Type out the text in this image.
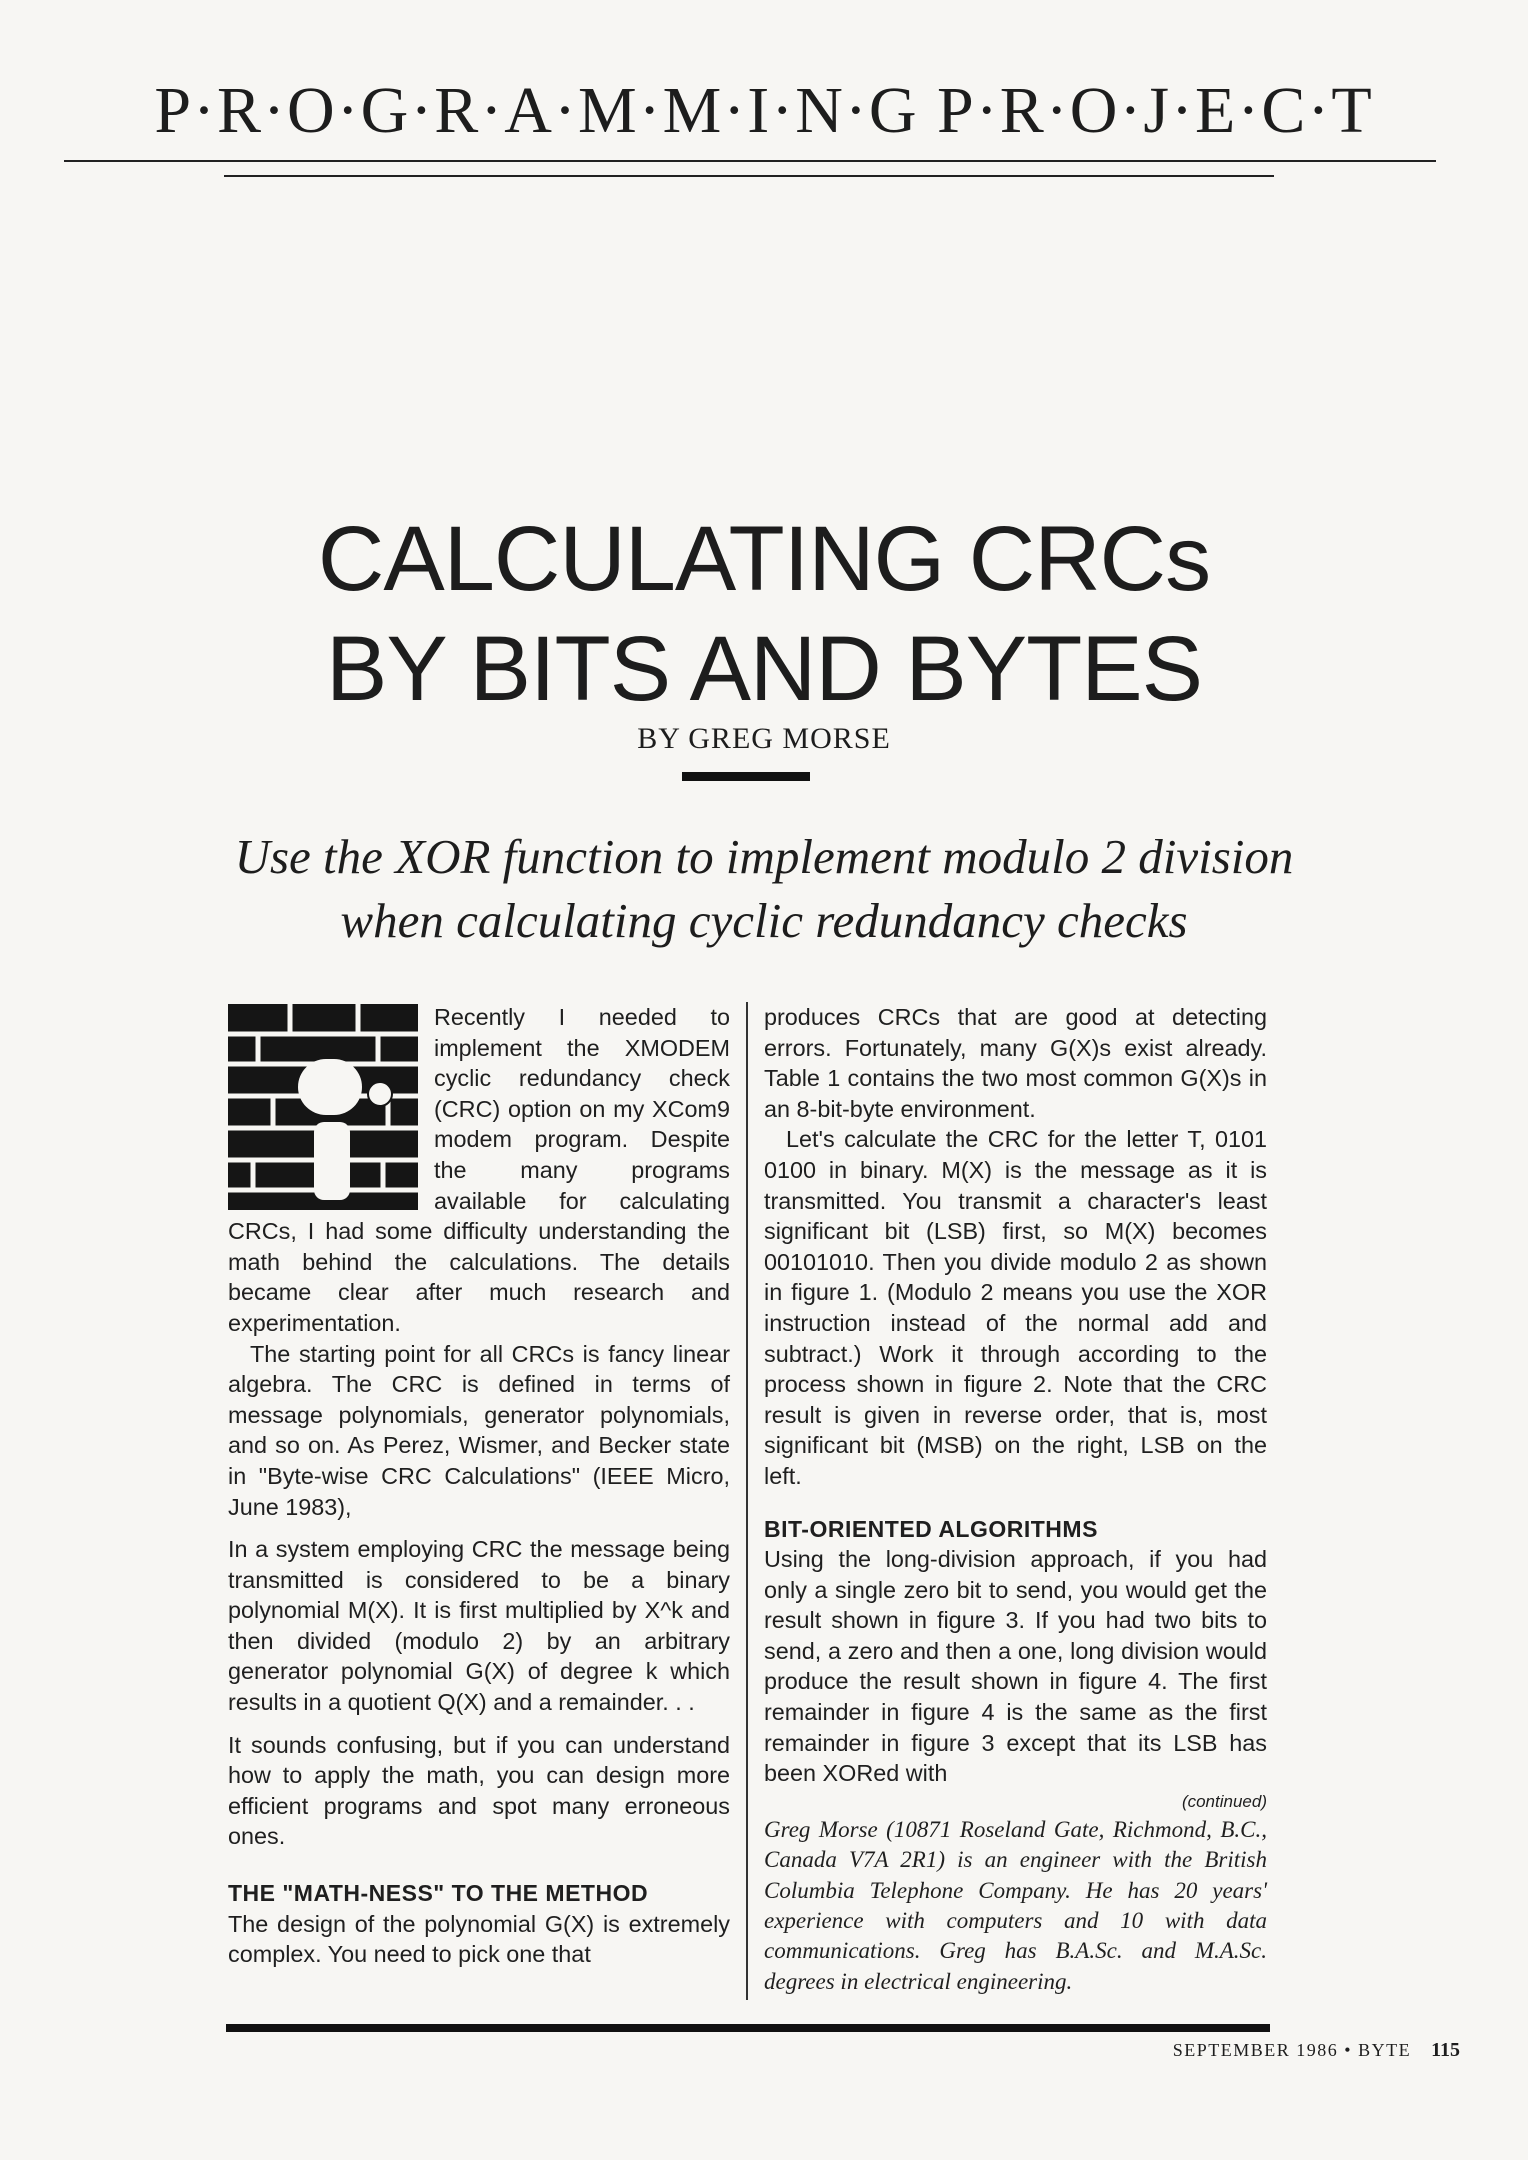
P·R·O·G·R·A·M·M·I·N·G P·R·O·J·E·C·T
CALCULATING CRCs
BY BITS AND BYTES
BY GREG MORSE
Use the XOR function to implement modulo 2 division
when calculating cyclic redundancy checks

Recently I needed to implement the XMODEM cyclic redundancy check (CRC) option on my XCom9 modem program. Despite the many programs available for calculating CRCs, I had some difficulty understanding the math behind the calculations. The details became clear after much research and experimentation.

The starting point for all CRCs is fancy linear algebra. The CRC is defined in terms of message polynomials, generator polynomials, and so on. As Perez, Wismer, and Becker state in "Byte-wise CRC Calculations" (IEEE Micro, June 1983),

In a system employing CRC the message being transmitted is considered to be a binary polynomial M(X). It is first multiplied by X^k and then divided (modulo 2) by an arbitrary generator polynomial G(X) of degree k which results in a quotient Q(X) and a remainder. . .

It sounds confusing, but if you can understand how to apply the math, you can design more efficient programs and spot many erroneous ones.

THE "MATH-NESS" TO THE METHOD

The design of the polynomial G(X) is extremely complex. You need to pick one that

produces CRCs that are good at detecting errors. Fortunately, many G(X)s exist already. Table 1 contains the two most common G(X)s in an 8-bit-byte environment.

Let's calculate the CRC for the letter T, 0101 0100 in binary. M(X) is the message as it is transmitted. You transmit a character's least significant bit (LSB) first, so M(X) becomes 00101010. Then you divide modulo 2 as shown in figure 1. (Modulo 2 means you use the XOR instruction instead of the normal add and subtract.) Work it through according to the process shown in figure 2. Note that the CRC result is given in reverse order, that is, most significant bit (MSB) on the right, LSB on the left.

BIT-ORIENTED ALGORITHMS

Using the long-division approach, if you had only a single zero bit to send, you would get the result shown in figure 3. If you had two bits to send, a zero and then a one, long division would produce the result shown in figure 4. The first remainder in figure 4 is the same as the first remainder in figure 3 except that its LSB has been XORed with

(continued)

Greg Morse (10871 Roseland Gate, Richmond, B.C., Canada V7A 2R1) is an engineer with the British Columbia Telephone Company. He has 20 years' experience with computers and 10 with data communications. Greg has B.A.Sc. and M.A.Sc. degrees in electrical engineering.

SEPTEMBER 1986 • BYTE 115
